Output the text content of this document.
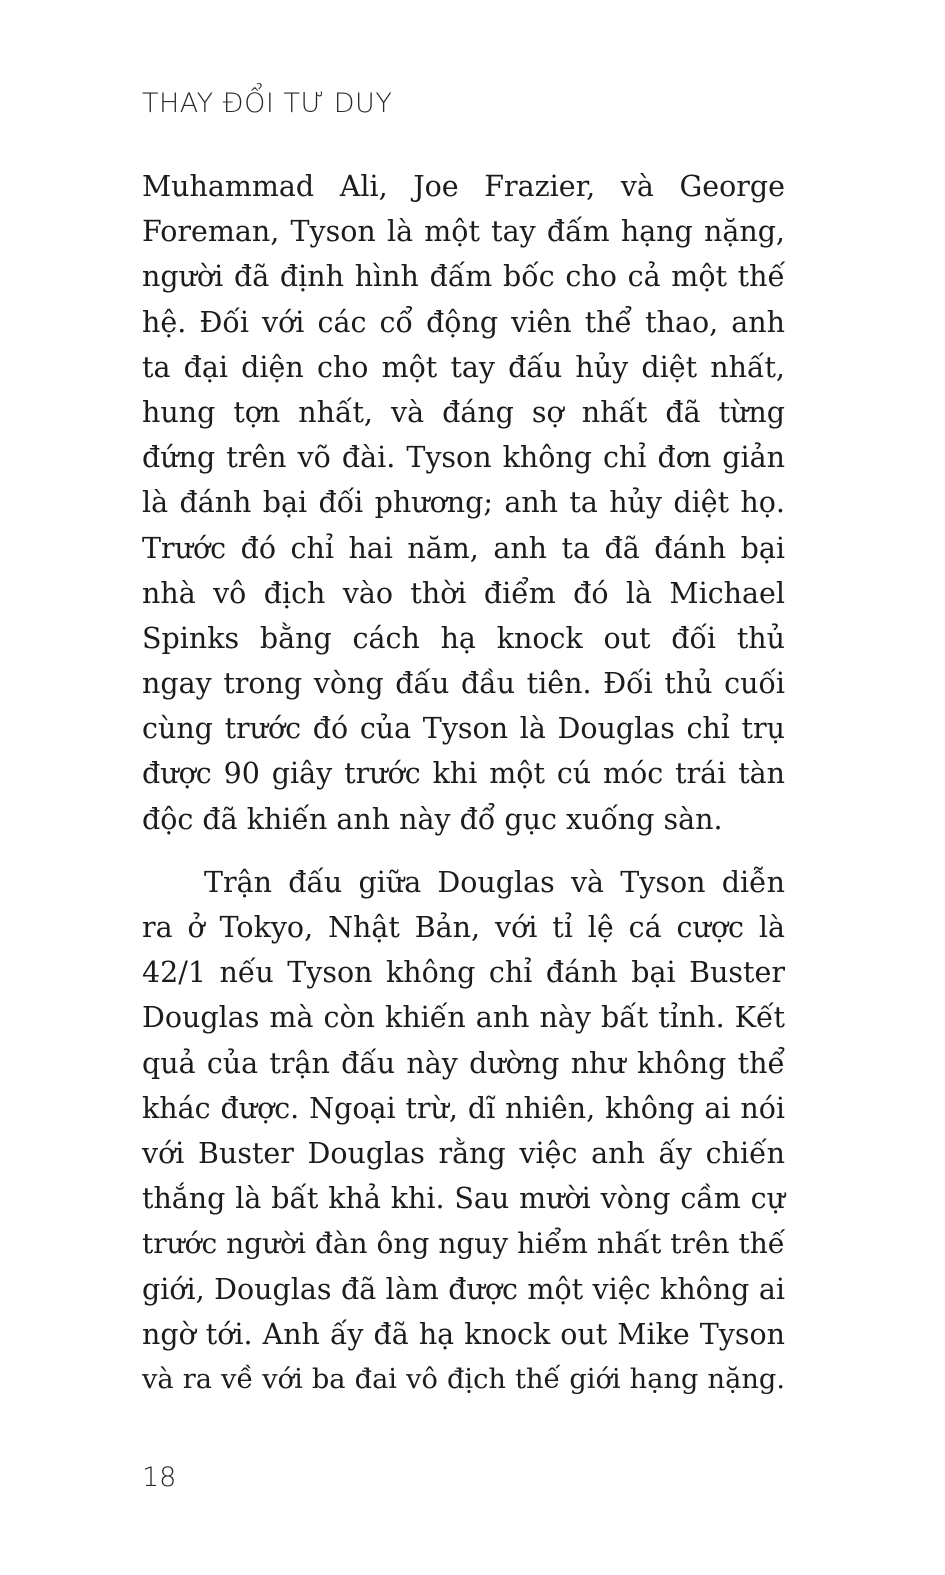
THAY ĐỔI TƯ DUY
Muhammad Ali, Joe Frazier, và George
Foreman, Tyson là một tay đấm hạng nặng,
người đã định hình đấm bốc cho cả một thế
hệ. Đối với các cổ động viên thể thao, anh
ta đại diện cho một tay đấu hủy diệt nhất,
hung tợn nhất, và đáng sợ nhất đã từng
đứng trên võ đài. Tyson không chỉ đơn giản
là đánh bại đối phương; anh ta hủy diệt họ.
Trước đó chỉ hai năm, anh ta đã đánh bại
nhà vô địch vào thời điểm đó là Michael
Spinks bằng cách hạ knock out đối thủ
ngay trong vòng đấu đầu tiên. Đối thủ cuối
cùng trước đó của Tyson là Douglas chỉ trụ
được 90 giây trước khi một cú móc trái tàn
độc đã khiến anh này đổ gục xuống sàn.
Trận đấu giữa Douglas và Tyson diễn
ra ở Tokyo, Nhật Bản, với tỉ lệ cá cược là
42/1 nếu Tyson không chỉ đánh bại Buster
Douglas mà còn khiến anh này bất tỉnh. Kết
quả của trận đấu này dường như không thể
khác được. Ngoại trừ, dĩ nhiên, không ai nói
với Buster Douglas rằng việc anh ấy chiến
thắng là bất khả khi. Sau mười vòng cầm cự
trước người đàn ông nguy hiểm nhất trên thế
giới, Douglas đã làm được một việc không ai
ngờ tới. Anh ấy đã hạ knock out Mike Tyson
và ra về với ba đai vô địch thế giới hạng nặng.
18
